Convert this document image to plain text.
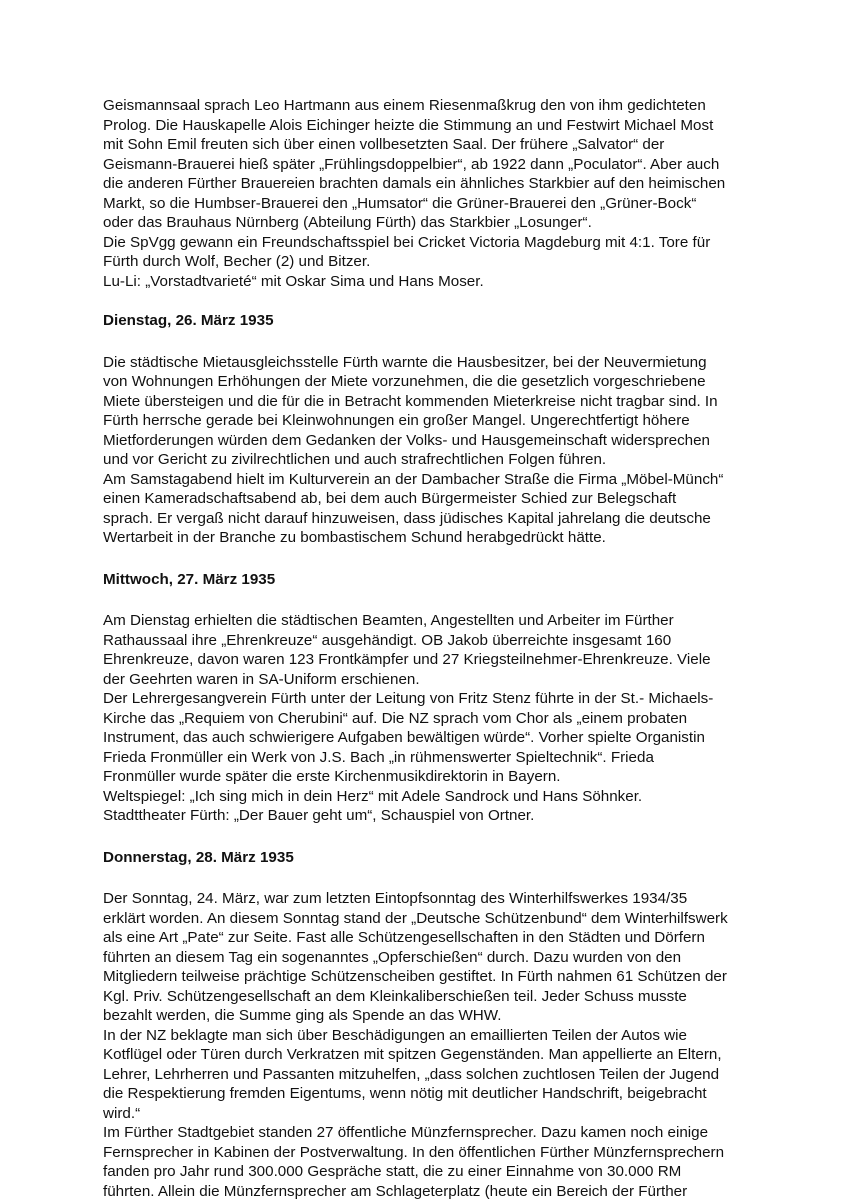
Geismannsaal sprach Leo Hartmann aus einem Riesenmaßkrug den von ihm gedichteten
Prolog. Die Hauskapelle Alois Eichinger heizte die Stimmung an und Festwirt Michael Most
mit Sohn Emil freuten sich über einen vollbesetzten Saal. Der frühere „Salvator“ der
Geismann-Brauerei hieß später „Frühlingsdoppelbier“, ab 1922 dann „Poculator“. Aber auch
die anderen Fürther Brauereien brachten damals ein ähnliches Starkbier auf den heimischen
Markt, so die Humbser-Brauerei den „Humsator“ die Grüner-Brauerei den „Grüner-Bock“
oder das Brauhaus Nürnberg (Abteilung Fürth) das Starkbier „Losunger“.
Die SpVgg gewann ein Freundschaftsspiel bei Cricket Victoria Magdeburg mit 4:1. Tore für
Fürth durch Wolf, Becher (2) und Bitzer.
Lu-Li: „Vorstadtvarieté“ mit Oskar Sima und Hans Moser.
Dienstag, 26. März 1935
Die städtische Mietausgleichsstelle Fürth warnte die Hausbesitzer, bei der Neuvermietung
von Wohnungen Erhöhungen der Miete vorzunehmen, die die gesetzlich vorgeschriebene
Miete übersteigen und die für die in Betracht kommenden Mieterkreise nicht tragbar sind. In
Fürth herrsche gerade bei Kleinwohnungen ein großer Mangel. Ungerechtfertigt höhere
Mietforderungen würden dem Gedanken der Volks- und Hausgemeinschaft widersprechen
und vor Gericht zu zivilrechtlichen und auch strafrechtlichen Folgen führen.
Am Samstagabend hielt im Kulturverein an der Dambacher Straße die Firma „Möbel-Münch“
einen Kameradschaftsabend ab, bei dem auch Bürgermeister Schied zur Belegschaft
sprach. Er vergaß nicht darauf hinzuweisen, dass jüdisches Kapital jahrelang die deutsche
Wertarbeit in der Branche zu bombastischem Schund herabgedrückt hätte.
Mittwoch, 27. März 1935
Am Dienstag erhielten die städtischen Beamten, Angestellten und Arbeiter im Fürther
Rathaussaal ihre „Ehrenkreuze“ ausgehändigt. OB Jakob überreichte insgesamt 160
Ehrenkreuze, davon waren 123 Frontkämpfer und 27 Kriegsteilnehmer-Ehrenkreuze. Viele
der Geehrten waren in SA-Uniform erschienen.
Der Lehrergesangverein Fürth unter der Leitung von Fritz Stenz führte in der St.- Michaels-
Kirche das „Requiem von Cherubini“ auf. Die NZ sprach vom Chor als „einem probaten
Instrument, das auch schwierigere Aufgaben bewältigen würde“. Vorher spielte Organistin
Frieda Fronmüller ein Werk von J.S. Bach „in rühmenswerter Spieltechnik“. Frieda
Fronmüller wurde später die erste Kirchenmusikdirektorin in Bayern.
Weltspiegel: „Ich sing mich in dein Herz“ mit Adele Sandrock und Hans Söhnker.
Stadttheater Fürth: „Der Bauer geht um“, Schauspiel von Ortner.
Donnerstag, 28. März 1935
Der Sonntag, 24. März, war zum letzten Eintopfsonntag des Winterhilfswerkes 1934/35
erklärt worden. An diesem Sonntag stand der „Deutsche Schützenbund“ dem Winterhilfswerk
als eine Art „Pate“ zur Seite. Fast alle Schützengesellschaften in den Städten und Dörfern
führten an diesem Tag ein sogenanntes „Opferschießen“ durch. Dazu wurden von den
Mitgliedern teilweise prächtige Schützenscheiben gestiftet. In Fürth nahmen 61 Schützen der
Kgl. Priv. Schützengesellschaft an dem Kleinkaliberschießen teil. Jeder Schuss musste
bezahlt werden, die Summe ging als Spende an das WHW.
In der NZ beklagte man sich über Beschädigungen an emaillierten Teilen der Autos wie
Kotflügel oder Türen durch Verkratzen mit spitzen Gegenständen. Man appellierte an Eltern,
Lehrer, Lehrherren und Passanten mitzuhelfen, „dass solchen zuchtlosen Teilen der Jugend
die Respektierung fremden Eigentums, wenn nötig mit deutlicher Handschrift, beigebracht
wird.“
Im Fürther Stadtgebiet standen 27 öffentliche Münzfernsprecher. Dazu kamen noch einige
Fernsprecher in Kabinen der Postverwaltung. In den öffentlichen Fürther Münzfernsprechern
fanden pro Jahr rund 300.000 Gespräche statt, die zu einer Einnahme von 30.000 RM
führten. Allein die Münzfernsprecher am Schlageterplatz (heute ein Bereich der Fürther
